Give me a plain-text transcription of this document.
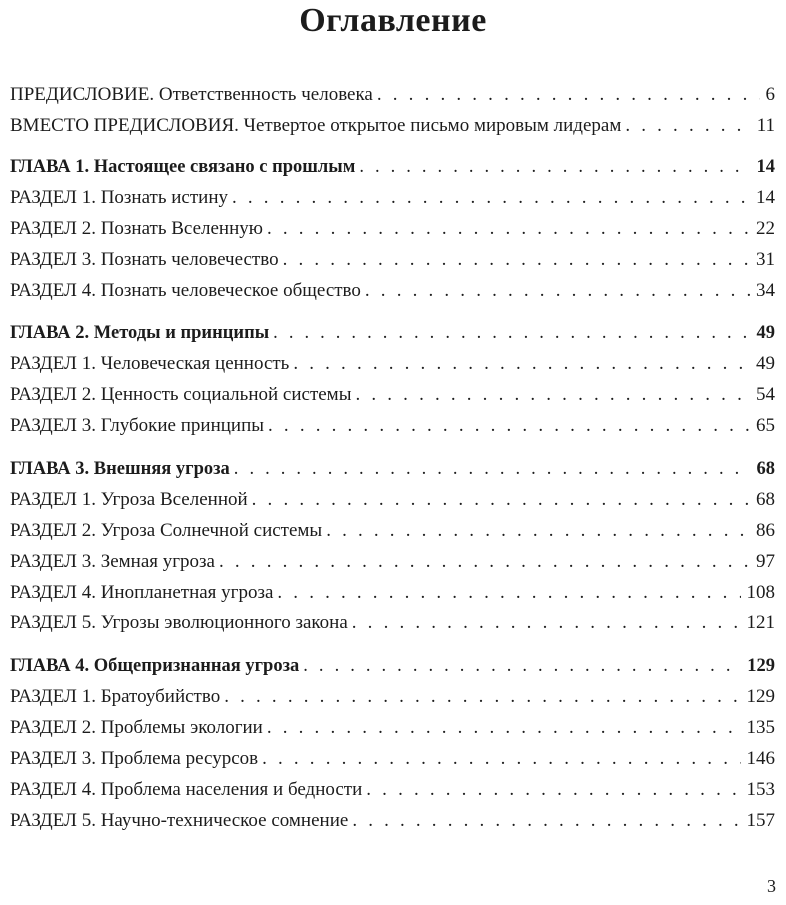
Оглавление
ПРЕДИСЛОВИЕ. Ответственность человека . . .	6
ВМЕСТО ПРЕДИСЛОВИЯ. Четвертое открытое письмо мировым лидерам . . .	11
ГЛАВА 1. Настоящее связано с прошлым . . .	14
РАЗДЕЛ 1. Познать истину . . .	14
РАЗДЕЛ 2. Познать Вселенную . . .	22
РАЗДЕЛ 3. Познать человечество . . .	31
РАЗДЕЛ 4. Познать человеческое общество . . .	34
ГЛАВА 2. Методы и принципы . . .	49
РАЗДЕЛ 1. Человеческая ценность . . .	49
РАЗДЕЛ 2. Ценность социальной системы . . .	54
РАЗДЕЛ 3. Глубокие принципы . . .	65
ГЛАВА 3. Внешняя угроза . . .	68
РАЗДЕЛ 1. Угроза Вселенной . . .	68
РАЗДЕЛ 2. Угроза Солнечной системы . . .	86
РАЗДЕЛ 3. Земная угроза . . .	97
РАЗДЕЛ 4. Инопланетная угроза . . .	108
РАЗДЕЛ 5. Угрозы эволюционного закона . . .	121
ГЛАВА 4. Общепризнанная угроза . . .	129
РАЗДЕЛ 1. Братоубийство . . .	129
РАЗДЕЛ 2. Проблемы экологии . . .	135
РАЗДЕЛ 3. Проблема ресурсов . . .	146
РАЗДЕЛ 4. Проблема населения и бедности . . .	153
РАЗДЕЛ 5. Научно-техническое сомнение . . .	157
3
